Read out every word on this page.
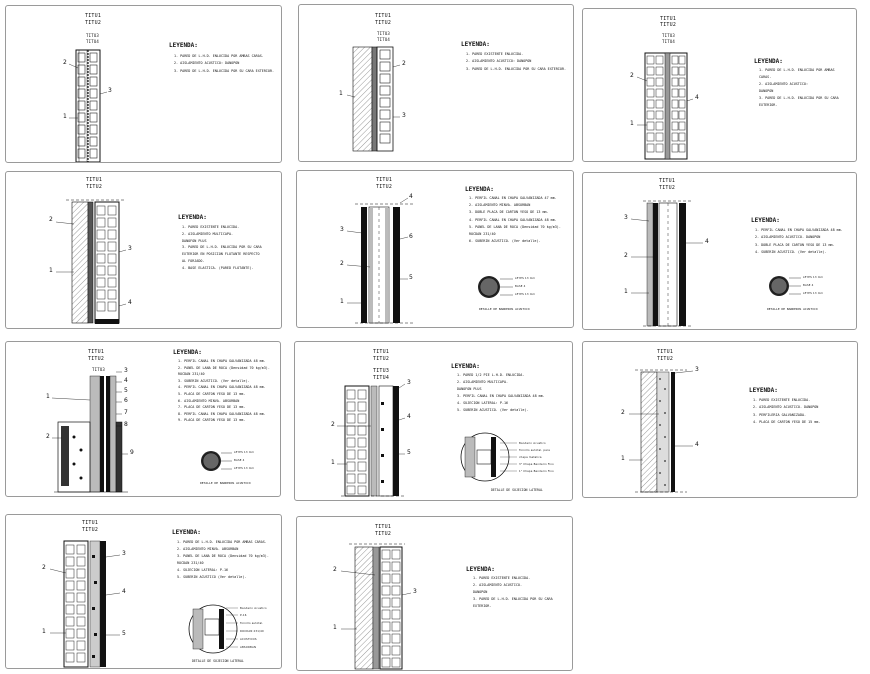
TITU1
TITU2
TITU3
TITU4
2
3
1
LEYENDA:
1. PARED DE L.H.D. ENLUCIDA POR AMBAS CARAS.
2. AISLAMIENTO ACUSTICO: DANOPON
3. PARED DE L.H.D. ENLUCIDA POR SU CARA EXTERIOR.
TITU1
TITU2
TITU3
TITU4
2
1
3
LEYENDA:
1. PARED EXISTENTE ENLUCIDA.
2. AISLAMIENTO ACUSTICO: DANOPON
3. PARED DE L.H.D. ENLUCIDA POR SU CARA EXTERIOR.
TITU1
TITU2
TITU3
TITU4
2
4
1
LEYENDA:
1. PARED DE L.H.D. ENLUCIDA POR AMBAS
CARAS.
2. AISLAMIENTO ACUSTICO:
DANOPON
3. PARED DE L.H.D. ENLUCIDA POR SU CARA
EXTERIOR.
TITU1
TITU2
2
3
1
4
LEYENDA:
1. PARED EXISTENTE ENLUCIDA.
2. AISLAMIENTO MULTICAPA.
DANOFON PLUS
3. PARED DE L.H.D. ENLUCIDA POR SU CARA
EXTERIOR EN POSICION FLOTANTE RESPECTO
AL FORJADO.
4. BASE ELASTICA. (PARED FLOTANTE).
TITU1
TITU2
4
3
6
2
5
1
LEYENDA:
1. PERFIL CANAL EN CHAPA GALVANIZADA 47 mm.
2. AISLAMIENTO MINVA. ABSORBAN
3. DOBLE PLACA DE CARTON YESO DE 13 mm.
4. PERFIL CANAL EN CHAPA GALVANIZADA 48 mm.
5. PANEL DE LANA DE ROCA (Densidad 70 kg/m3).
ROCDAN 231/40
6. SUBERIN ACUSTICO. (Ver detalle).
LEYES 13 mm
BASE 4
LEYES 13 mm
DETALLE DE BANDEROS ACUSTICO
TITU1
TITU2
3
4
2
1
LEYENDA:
1. PERFIL CANAL EN CHAPA GALVANIZADA 48 mm.
2. AISLAMIENTO ACUSTICO. DANOPON
3. DOBLE PLACA DE CARTON YESO DE 13 mm.
4. SUBERIN ACUSTICO. (Ver detalle).
LEYES 13 mm
BASE 4
LEYES 13 mm
DETALLE DE BANDEROS ACUSTICO
TITU1
TITU2
TITU3
1
3
4
5
2
6
7
8
9
LEYENDA:
1. PERFIL CANAL EN CHAPA GALVANIZADA 48 mm.
2. PANEL DE LANA DE ROCA (Densidad 70 kg/m3).
ROCDAN 231/40
3. SUBERIN ACUSTICO. (Ver detalle).
4. PERFIL CANAL EN CHAPA GALVANIZADA 48 mm.
5. PLACA DE CARTON YESO DE 13 mm.
6. AISLAMIENTO MINVA. ABSORBAN
7. PLACA DE CARTON YESO DE 13 mm.
8. PERFIL CANAL EN CHAPA GALVANIZADA 48 mm.
9. PLACA DE CARTON YESO DE 13 mm.
LEYES 13 mm
BASE 4
LEYES 13 mm
DETALLE DE BANDEROS ACUSTICO
TITU1
TITU2
TITU3
TITU4
3
4
2
1
5
LEYENDA:
1. PARED 1/2 PIE L.H.D. ENLUCIDA.
2. AISLAMIENTO MULTICAPA.
DANOFON PLUS
3. PERFIL CANAL EN CHAPA GALVANIZADA 48 mm.
4. SUJECION LATERAL: P-16
5. SUBERIN ACUSTICO. (Ver detalle).
Banderin Acustico
Tornillo autotal. para
chapa metalica
3" Chapa Banderin Fino
1" Chapa Banderin Fino
DETALLE DE SUJECION LATERAL
TITU1
TITU2
3
2
1
4
LEYENDA:
1. PARED EXISTENTE ENLUCIDA.
2. AISLAMIENTO ACUSTICO. DANOPON
3. PERFILERIA GALVANIZADA.
4. PLACA DE CARTON YESO DE 15 mm.
TITU1
TITU2
2
3
4
1	5
LEYENDA:
1. PARED DE L.H.D. ENLUCIDA POR AMBAS CARAS.
2. AISLAMIENTO MINVA. ABSORBAN
3. PANEL DE LANA DE ROCA (Densidad 70 kg/m3).
ROCDAN 231/40
4. SUJECION LATERAL: P-16
5. SUBERIN ACUSTICO (Ver detalle).
Banderin Acustico
P-16
Tornillo autotal.
ROCDAN 231/40
ACUSTICOS
ABSORBAN
DETALLE DE SUJECION LATERAL
TITU1
TITU2
2
3
1
LEYENDA:
1. PARED EXISTENTE ENLUCIDA.
2. AISLAMIENTO ACUSTICO.
DANOPON
3. PARED DE L.H.D. ENLUCIDA POR SU CARA
EXTERIOR.
